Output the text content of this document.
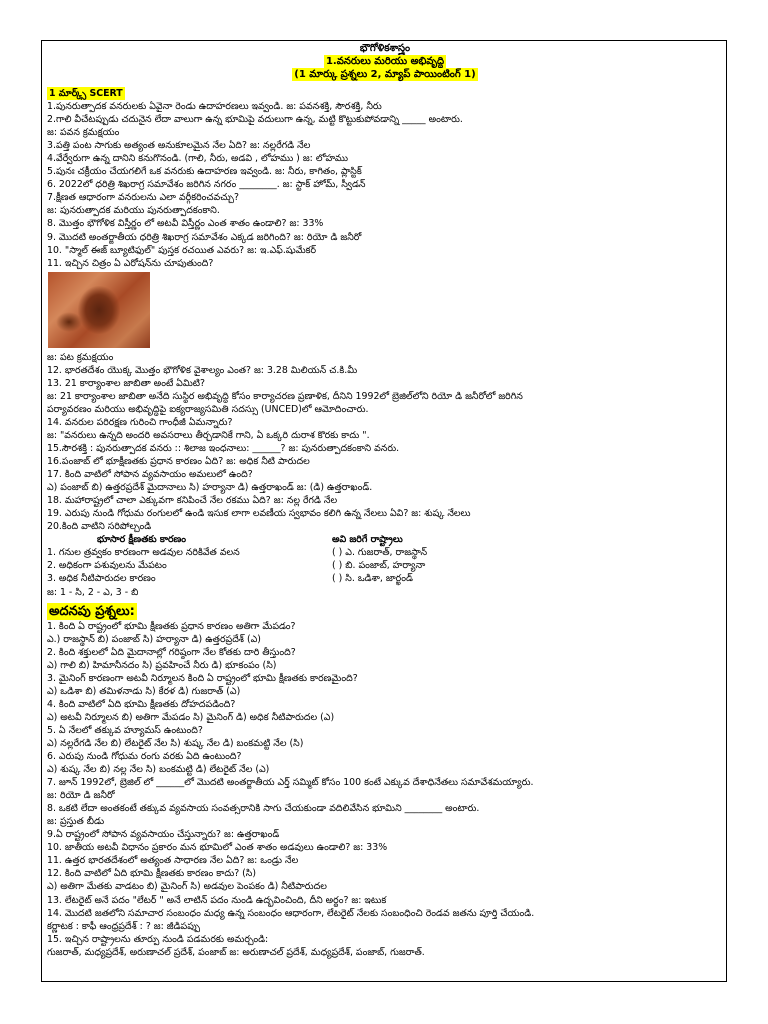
భౌగోళికశాస్త్రం
1.వనరులు మరియు అభివృద్ధి
(1 మార్కు ప్రశ్నలు 2, మ్యాప్ పాయింటింగ్ 1)
1 మార్క్స్ SCERT
1.పునరుత్పాదక వనరులకు ఏవైనా రెండు ఉదాహరణలు ఇవ్వండి. జ: పవనశక్తి, సౌరశక్తి, నీరు
2.గాలి వీచేటప్పుడు చదునైన లేదా వాలుగా ఉన్న భూమిపై వదులుగా ఉన్న, మట్టి కొట్టుకుపోవడాన్ని _____ అంటారు.
జ: పవన క్రమక్షయం
3.పత్తి పంట సాగుకు అత్యంత అనుకూలమైన నేల ఏది? జ: నల్లరేగడి నేల
4.వేర్వేరుగా ఉన్న దానిని కనుగొనండి. (గాలి, నీరు, అడవి , లోహము ) జ: లోహము
5.పునః చక్రీయం చేయగలిగే ఒక వనరుకు ఉదాహరణ ఇవ్వండి. జ: నీరు, కాగితం, ప్లాస్టిక్
6. 2022లో ధరిత్రి శిఖరాగ్ర సమావేశం జరిగిన నగరం ________. జ: స్టాక్ హోమ్, స్వీడన్
7.క్షీణత ఆధారంగా వనరులను ఎలా వర్గీకరించవచ్చు?
జ: పునరుత్పాదక మరియు పునరుత్పాదకంకాని.
8. మొత్తం భౌగోళిక విస్తీర్ణం లో అటవీ విస్తీర్ణం ఎంత శాతం ఉండాలి? జ: 33%
9. మొదటి అంతర్జాతీయ ధరిత్రి శిఖరాగ్ర సమావేశం ఎక్కడ జరిగింది? జ: రియో డి జనీరో
10. "స్మాల్ ఈజ్ బ్యూటిఫుల్" పుస్తక రచయిత ఎవరు? జ: ఇ.ఎఫ్.షుమేకర్
11. ఇచ్చిన చిత్రం ఏ ఎరోషన్‌ను చూపుతుంది?
జ: పట క్రమక్షయం
12. భారతదేశం యొక్క మొత్తం భౌగోళిక వైశాల్యం ఎంత? జ: 3.28 మిలియన్ చ.కి.మీ
13. 21 కార్యాంశాల జాబితా అంటే ఏమిటి?
జ: 21 కార్యాంశాల జాబితా అనేది సుస్థిర అభివృద్ధి కోసం కార్యాచరణ ప్రణాళిక, దీనిని 1992లో బ్రెజిల్‌లోని రియో డి జనీరోలో జరిగిన
పర్యావరణం మరియు అభివృద్ధిపై ఐక్యరాజ్యసమితి సదస్సు (UNCED)లో ఆమోదించారు.
14. వనరుల పరిరక్షణ గురించి గాంధీజీ ఏమన్నారు?
జ: "వనరులు ఉన్నది అందరి అవసరాలు తీర్చడానికే గాని, ఏ ఒక్కరి దురాశ కొరకు కాదు ".
15.సౌరశక్తి : పునరుత్పాదక వనరు :: శిలాజ ఇంధనాలు: ______? జ: పునరుత్పాదకంకాని వనరు.
16.పంజాబ్ లో భూక్షీణతకు ప్రధాన కారణం ఏది? జ: అధిక నీటి పారుదల
17. కింది వాటిలో సోపాన వ్యవసాయం అమలులో ఉంది?
ఎ) పంజాబ్ బి) ఉత్తరప్రదేశ్ మైదానాలు సి) హర్యానా డి) ఉత్తరాఖండ్ జ: (డి) ఉత్తరాఖండ్.
18. మహారాష్ట్రలో చాలా ఎక్కువగా కనిపించే నేల రకము ఏది? జ: నల్ల రేగడి నేల
19. ఎరుపు నుండి గోధుమ రంగులలో ఉండి ఇసుక లాగా లవణీయ స్వభావం కలిగి ఉన్న నేలలు ఏవి? జ: శుష్క నేలలు
20.కింది వాటిని సరిపోల్చండి
భూసార క్షీణతకు కారణం	అవి జరిగే రాష్ట్రాలు
1. గనుల త్రవ్వకం కారణంగా అడవుల నరికివేత వలన	( ) ఎ. గుజరాత్, రాజస్థాన్
2. అధికంగా పశువులను మేపటం	( ) బి. పంజాబ్, హర్యానా
3. అధిక నీటిపారుదల కారణం	( ) సి. ఒడిశా, జార్ఖండ్
జ: 1 - సి, 2 - ఎ, 3 - బి
అదనపు ప్రశ్నలు:
1. కింది ఏ రాష్ట్రంలో భూమి క్షీణతకు ప్రధాన కారణం అతిగా మేపడం?
ఎ.) రాజస్థాన్ బి) పంజాబ్ సి) హర్యానా డి) ఉత్తరప్రదేశ్ (ఎ)
2. కింది శక్తులలో ఏది మైదానాల్లో గరిష్ఠంగా నేల కోతకు దారి తీస్తుంది?
ఎ) గాలి బి) హిమానీనదం సి) ప్రవహించే నీరు డి) భూకంపం (సి)
3. మైనింగ్ కారణంగా అటవీ నిర్మూలన కింది ఏ రాష్ట్రంలో భూమి క్షీణతకు కారణమైంది?
ఎ) ఒడిశా బి) తమిళనాడు సి) కేరళ డి) గుజరాత్ (ఎ)
4. కింది వాటిలో ఏది భూమి క్షీణతకు దోహదపడింది?
ఎ) అటవీ నిర్మూలన బి) అతిగా మేపడం సి) మైనింగ్ డి) అధిక నీటిపారుదల (ఎ)
5. ఏ నేలలో తక్కువ హ్యూమస్ ఉంటుంది?
ఎ) నల్లరేగడి నేల బి) లేటరైట్ నేల సి) శుష్క నేల డి) బంకమట్టి నేల (సి)
6. ఎరుపు నుండి గోధుమ రంగు వరకు ఏది ఉంటుంది?
ఎ) శుష్క నేల బి) నల్ల నేల సి) బంకమట్టి డి) లేటరైట్ నేల (ఎ)
7. జూన్ 1992లో, బ్రెజిల్ లో ______లో మొదటి అంతర్జాతీయ ఎర్త్ సమ్మిట్ కోసం 100 కంటే ఎక్కువ దేశాధినేతలు సమావేశమయ్యారు.
జ: రియో డి జనీరో
8. ఒకటి లేదా అంతకంటే తక్కువ వ్యవసాయ సంవత్సరానికి సాగు చేయకుండా వదిలివేసిన భూమిని ________ అంటారు.
జ: ప్రస్తుత బీడు
9.ఏ రాష్ట్రంలో సోపాన వ్యవసాయం చేస్తున్నారు? జ: ఉత్తరాఖండ్
10. జాతీయ అటవీ విధానం ప్రకారం మన భూమిలో ఎంత శాతం అడవులు ఉండాలి? జ: 33%
11. ఉత్తర భారతదేశంలో అత్యంత సాధారణ నేల ఏది? జ: ఒండ్రు నేల
12. కింది వాటిలో ఏది భూమి క్షీణతకు కారణం కాదు? (సి)
ఎ) అతిగా మేతకు వాడటం బి) మైనింగ్ సి) అడవుల పెంపకం డి) నీటిపారుదల
13. లేటరైట్ అనే పదం "లేటర్ " అనే లాటిన్ పదం నుండి ఉద్భవించింది, దీని అర్థం? జ: ఇటుక
14. మొదటి జతలోని సమాచార సంబంధం మధ్య ఉన్న సంబంధం ఆధారంగా, లేటరైట్ నేలకు సంబంధించి రెండవ జతను పూర్తి చేయండి.
కర్ణాటక : కాఫీ ఆంధ్రప్రదేశ్ : ? జ: జీడిపప్పు
15. ఇచ్చిన రాష్ట్రాలను తూర్పు నుండి పడమరకు అమర్చండి:
గుజరాత్, మధ్యప్రదేశ్, అరుణాచల్ ప్రదేశ్, పంజాబ్ జ: అరుణాచల్ ప్రదేశ్, మధ్యప్రదేశ్, పంజాబ్, గుజరాత్.
